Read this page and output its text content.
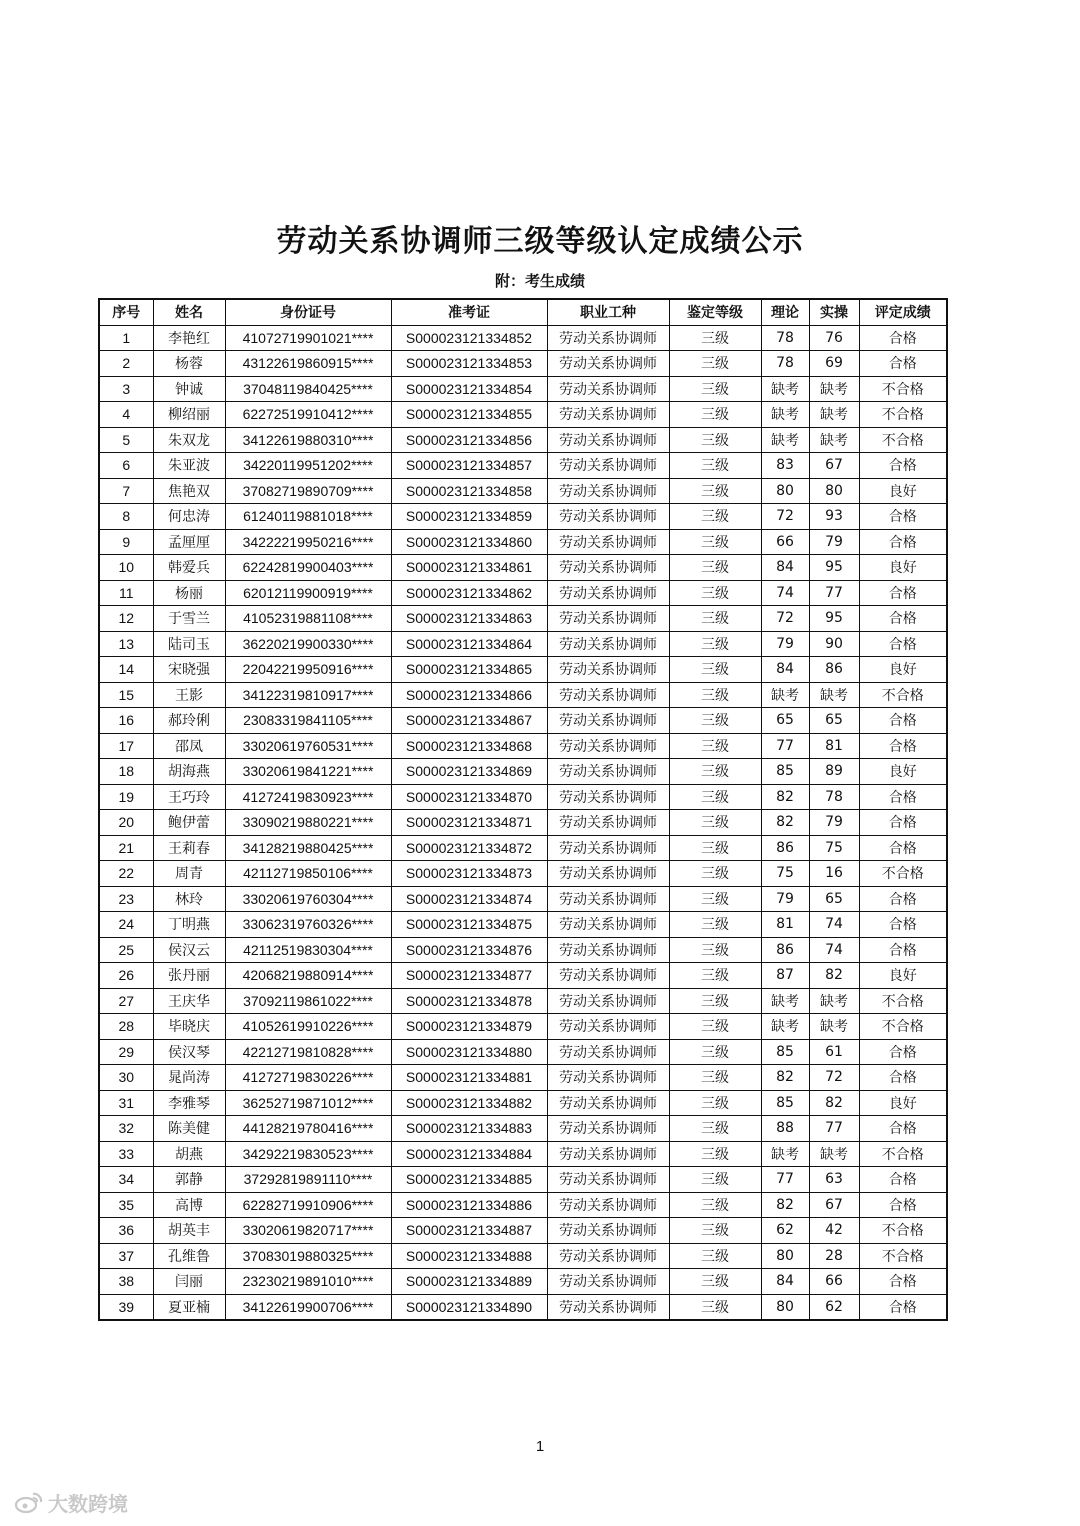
劳动关系协调师三级等级认定成绩公示
附：考生成绩
序号	姓名	身份证号	准考证	职业工种	鉴定等级	理论	实操	评定成绩
1	李艳红	41072719901021****	S000023121334852	劳动关系协调师	三级	78	76	合格
2	杨蓉	43122619860915****	S000023121334853	劳动关系协调师	三级	78	69	合格
3	钟诚	37048119840425****	S000023121334854	劳动关系协调师	三级	缺考	缺考	不合格
4	柳绍丽	62272519910412****	S000023121334855	劳动关系协调师	三级	缺考	缺考	不合格
5	朱双龙	34122619880310****	S000023121334856	劳动关系协调师	三级	缺考	缺考	不合格
6	朱亚波	34220119951202****	S000023121334857	劳动关系协调师	三级	83	67	合格
7	焦艳双	37082719890709****	S000023121334858	劳动关系协调师	三级	80	80	良好
8	何忠涛	61240119881018****	S000023121334859	劳动关系协调师	三级	72	93	合格
9	孟厘厘	34222219950216****	S000023121334860	劳动关系协调师	三级	66	79	合格
10	韩爱兵	62242819900403****	S000023121334861	劳动关系协调师	三级	84	95	良好
11	杨丽	62012119900919****	S000023121334862	劳动关系协调师	三级	74	77	合格
12	于雪兰	41052319881108****	S000023121334863	劳动关系协调师	三级	72	95	合格
13	陆司玉	36220219900330****	S000023121334864	劳动关系协调师	三级	79	90	合格
14	宋晓强	22042219950916****	S000023121334865	劳动关系协调师	三级	84	86	良好
15	王影	34122319810917****	S000023121334866	劳动关系协调师	三级	缺考	缺考	不合格
16	郝玲俐	23083319841105****	S000023121334867	劳动关系协调师	三级	65	65	合格
17	邵凤	33020619760531****	S000023121334868	劳动关系协调师	三级	77	81	合格
18	胡海燕	33020619841221****	S000023121334869	劳动关系协调师	三级	85	89	良好
19	王巧玲	41272419830923****	S000023121334870	劳动关系协调师	三级	82	78	合格
20	鲍伊蕾	33090219880221****	S000023121334871	劳动关系协调师	三级	82	79	合格
21	王莉春	34128219880425****	S000023121334872	劳动关系协调师	三级	86	75	合格
22	周青	42112719850106****	S000023121334873	劳动关系协调师	三级	75	16	不合格
23	林玲	33020619760304****	S000023121334874	劳动关系协调师	三级	79	65	合格
24	丁明燕	33062319760326****	S000023121334875	劳动关系协调师	三级	81	74	合格
25	侯汉云	42112519830304****	S000023121334876	劳动关系协调师	三级	86	74	合格
26	张丹丽	42068219880914****	S000023121334877	劳动关系协调师	三级	87	82	良好
27	王庆华	37092119861022****	S000023121334878	劳动关系协调师	三级	缺考	缺考	不合格
28	毕晓庆	41052619910226****	S000023121334879	劳动关系协调师	三级	缺考	缺考	不合格
29	侯汉琴	42212719810828****	S000023121334880	劳动关系协调师	三级	85	61	合格
30	晁尚涛	41272719830226****	S000023121334881	劳动关系协调师	三级	82	72	合格
31	李雅琴	36252719871012****	S000023121334882	劳动关系协调师	三级	85	82	良好
32	陈美健	44128219780416****	S000023121334883	劳动关系协调师	三级	88	77	合格
33	胡燕	34292219830523****	S000023121334884	劳动关系协调师	三级	缺考	缺考	不合格
34	郭静	37292819891110****	S000023121334885	劳动关系协调师	三级	77	63	合格
35	高博	62282719910906****	S000023121334886	劳动关系协调师	三级	82	67	合格
36	胡英丰	33020619820717****	S000023121334887	劳动关系协调师	三级	62	42	不合格
37	孔维鲁	37083019880325****	S000023121334888	劳动关系协调师	三级	80	28	不合格
38	闫丽	23230219891010****	S000023121334889	劳动关系协调师	三级	84	66	合格
39	夏亚楠	34122619900706****	S000023121334890	劳动关系协调师	三级	80	62	合格
1
大数跨境
